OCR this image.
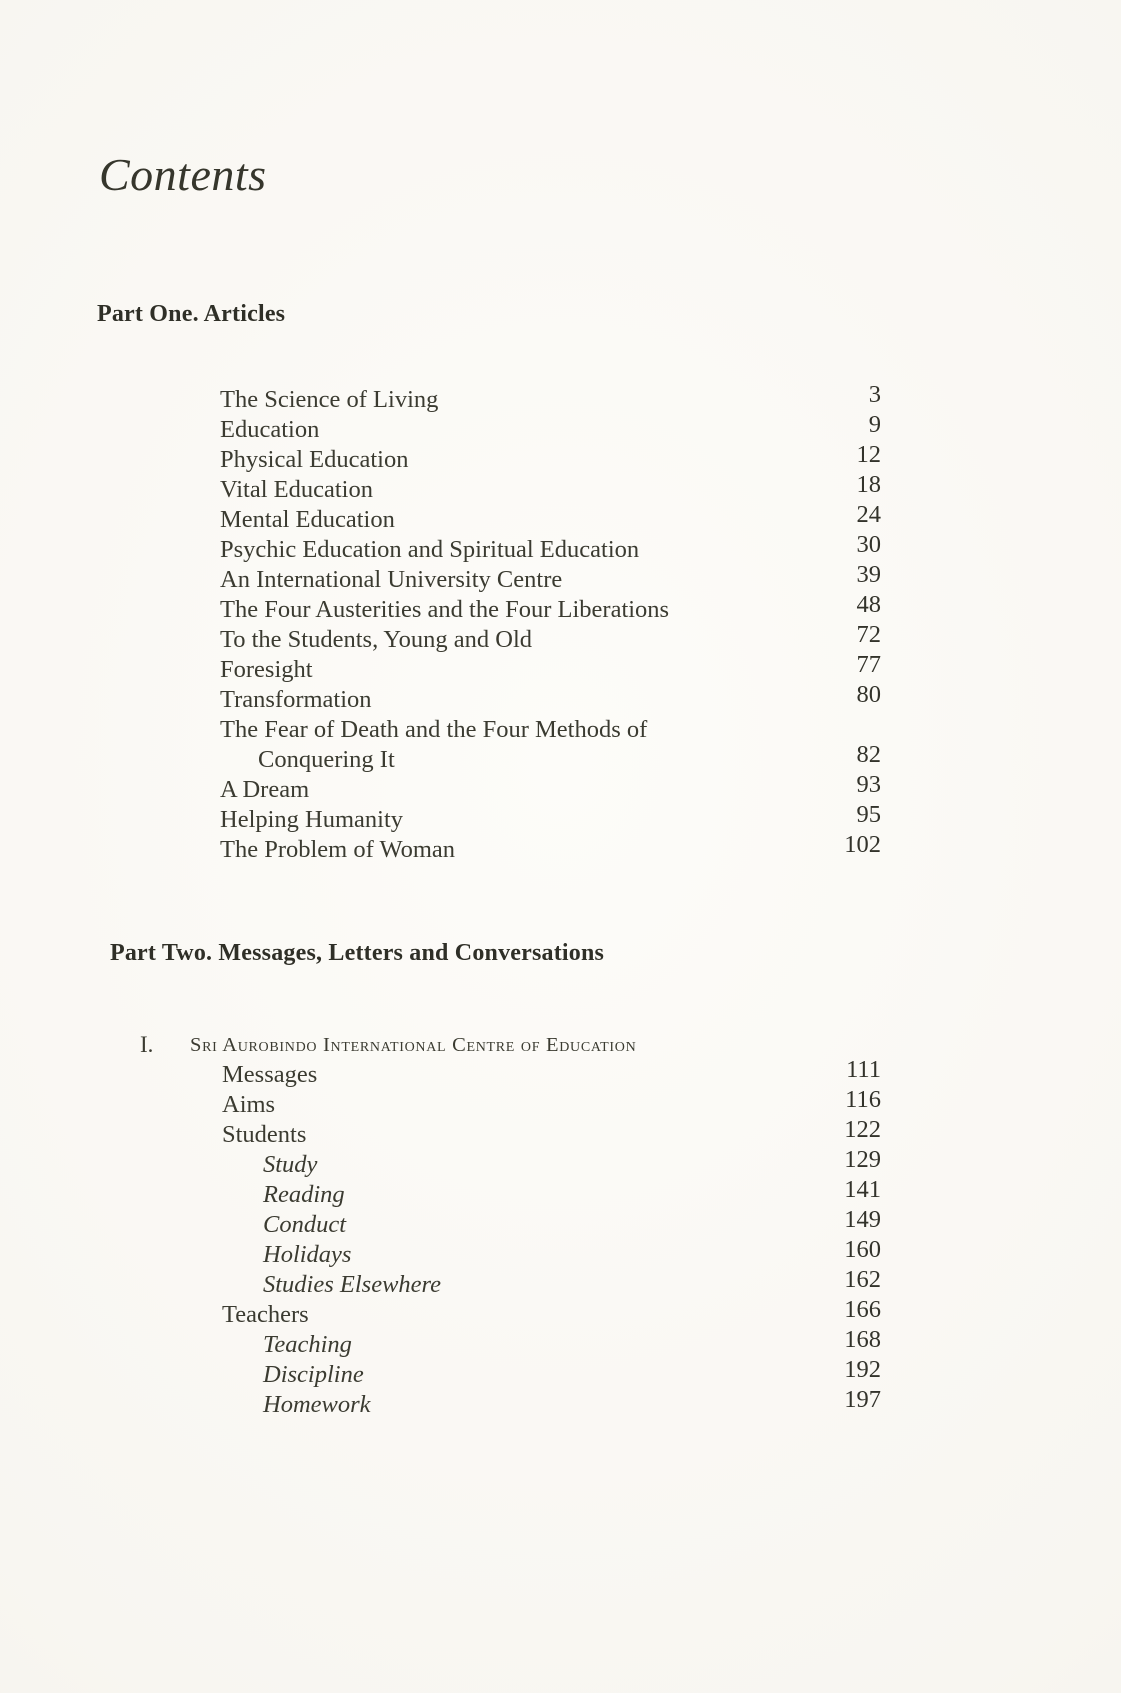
Contents
Part One. Articles
The Science of Living	3
Education	9
Physical Education	12
Vital Education	18
Mental Education	24
Psychic Education and Spiritual Education	30
An International University Centre	39
The Four Austerities and the Four Liberations	48
To the Students, Young and Old	72
Foresight	77
Transformation	80
The Fear of Death and the Four Methods of
Conquering It	82
A Dream	93
Helping Humanity	95
The Problem of Woman	102
Part Two. Messages, Letters and Conversations
I. Sri Aurobindo International Centre of Education
Messages	111
Aims	116
Students	122
Study	129
Reading	141
Conduct	149
Holidays	160
Studies Elsewhere	162
Teachers	166
Teaching	168
Discipline	192
Homework	197
